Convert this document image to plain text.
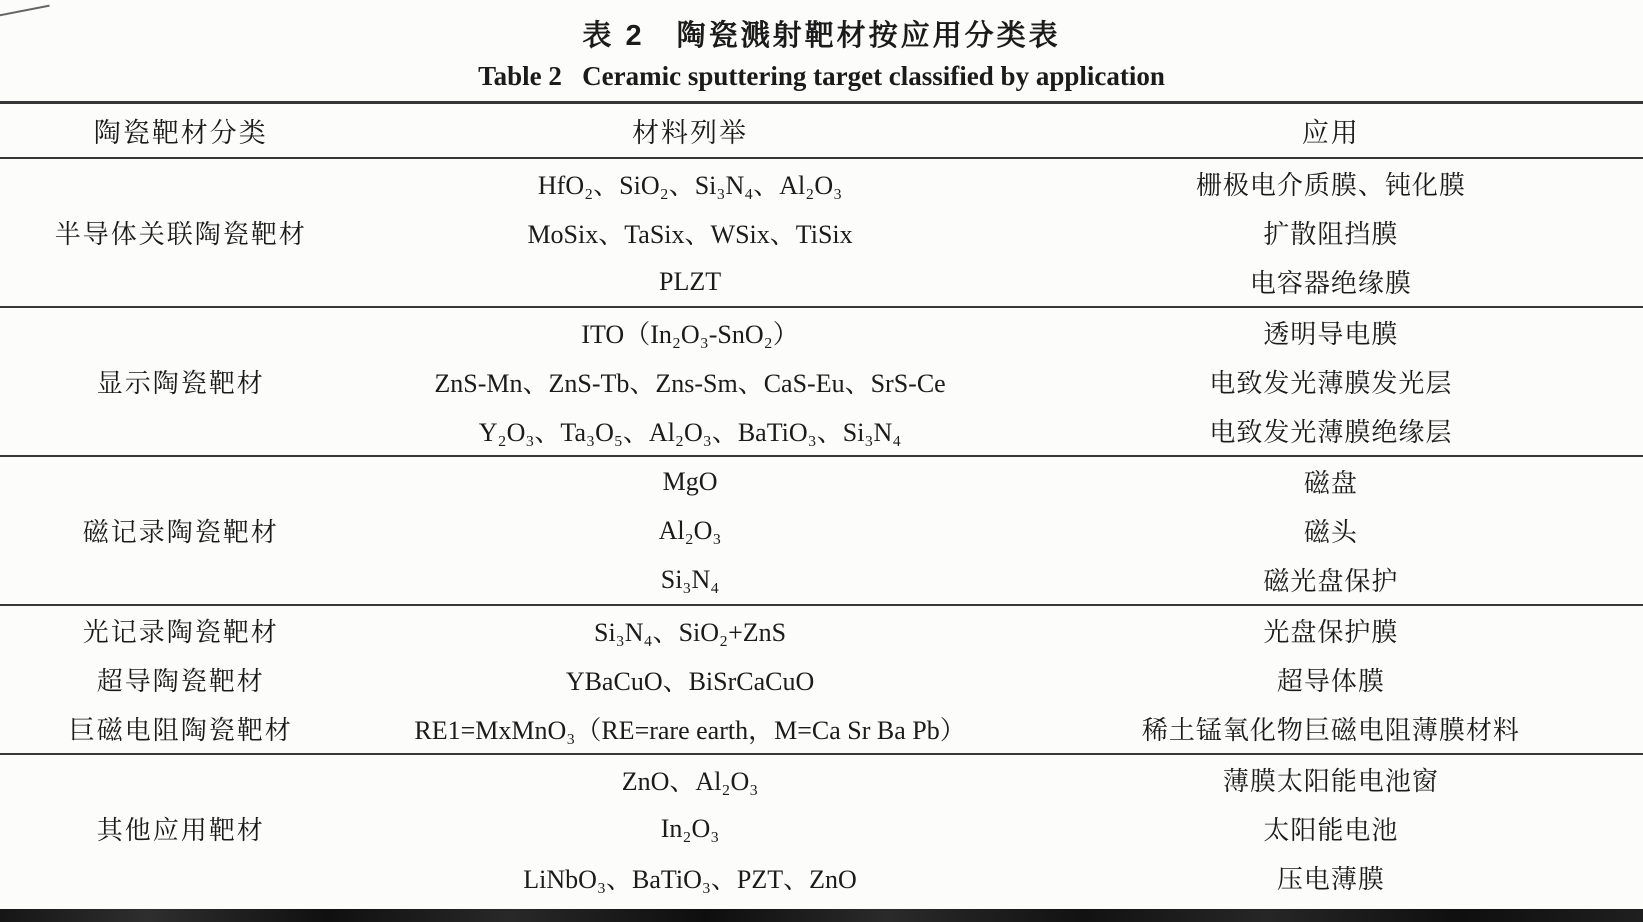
表 2　陶瓷溅射靶材按应用分类表
Table 2   Ceramic sputtering target classified by application
陶瓷靶材分类	材料列举	应用
半导体关联陶瓷靶材	HfO₂、SiO₂、Si₃N₄、Al₂O₃	栅极电介质膜、钝化膜
	MoSix、TaSix、WSix、TiSix	扩散阻挡膜
	PLZT	电容器绝缘膜
显示陶瓷靶材	ITO（In₂O₃-SnO₂）	透明导电膜
	ZnS-Mn、ZnS-Tb、Zns-Sm、CaS-Eu、SrS-Ce	电致发光薄膜发光层
	Y₂O₃、Ta₃O₅、Al₂O₃、BaTiO₃、Si₃N₄	电致发光薄膜绝缘层
磁记录陶瓷靶材	MgO	磁盘
	Al₂O₃	磁头
	Si₃N₄	磁光盘保护
光记录陶瓷靶材	Si₃N₄、SiO₂+ZnS	光盘保护膜
超导陶瓷靶材	YBaCuO、BiSrCaCuO	超导体膜
巨磁电阻陶瓷靶材	RE1=MxMnO₃（RE=rare earth，M=Ca Sr Ba Pb）	稀土锰氧化物巨磁电阻薄膜材料
其他应用靶材	ZnO、Al₂O₃	薄膜太阳能电池窗
	In₂O₃	太阳能电池
	LiNbO₃、BaTiO₃、PZT、ZnO	压电薄膜
